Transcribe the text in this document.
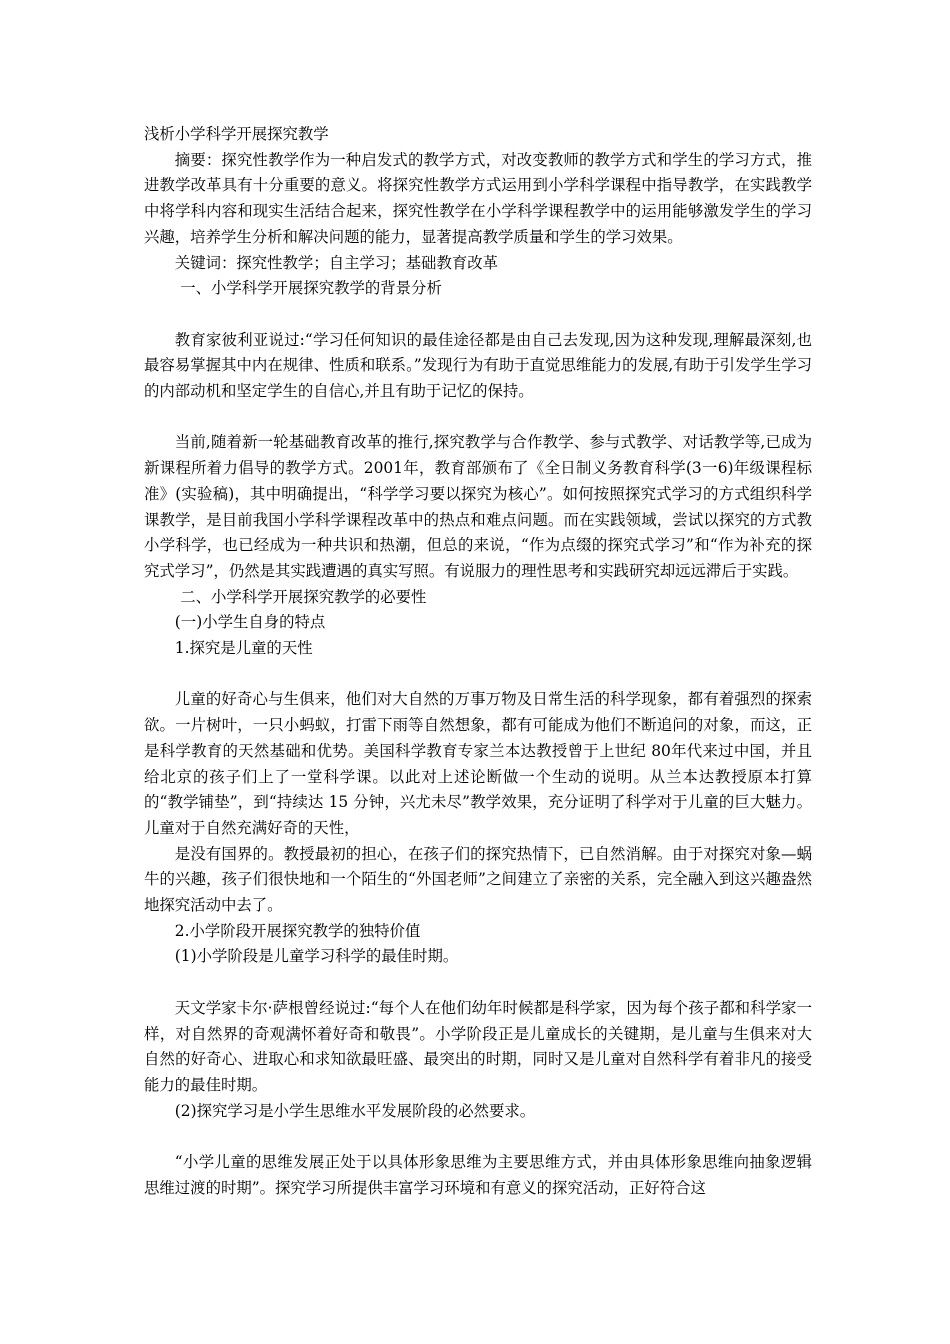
浅析小学科学开展探究教学

摘要：探究性教学作为一种启发式的教学方式，对改变教师的教学方式和学生的学习方式，推进教学改革具有十分重要的意义。将探究性教学方式运用到小学科学课程中指导教学，在实践教学中将学科内容和现实生活结合起来，探究性教学在小学科学课程教学中的运用能够激发学生的学习兴趣，培养学生分析和解决问题的能力，显著提高教学质量和学生的学习效果。

关键词：探究性教学；自主学习；基础教育改革

一、小学科学开展探究教学的背景分析

教育家彼利亚说过:“学习任何知识的最佳途径都是由自己去发现,因为这种发现,理解最深刻,也最容易掌握其中内在规律、性质和联系。”发现行为有助于直觉思维能力的发展,有助于引发学生学习的内部动机和坚定学生的自信心,并且有助于记忆的保持。

当前,随着新一轮基础教育改革的推行,探究教学与合作教学、参与式教学、对话教学等,已成为新课程所着力倡导的教学方式。2001年，教育部颁布了《全日制义务教育科学(3一6)年级课程标准》(实验稿)，其中明确提出，“科学学习要以探究为核心”。如何按照探究式学习的方式组织科学课教学，是目前我国小学科学课程改革中的热点和难点问题。而在实践领域，尝试以探究的方式教小学科学，也已经成为一种共识和热潮，但总的来说，“作为点缀的探究式学习”和“作为补充的探究式学习”，仍然是其实践遭遇的真实写照。有说服力的理性思考和实践研究却远远滞后于实践。

二、小学科学开展探究教学的必要性

(一)小学生自身的特点

1.探究是儿童的天性

儿童的好奇心与生俱来，他们对大自然的万事万物及日常生活的科学现象，都有着强烈的探索欲。一片树叶，一只小蚂蚁，打雷下雨等自然想象，都有可能成为他们不断追问的对象，而这，正是科学教育的天然基础和优势。美国科学教育专家兰本达教授曾于上世纪 80年代来过中国，并且给北京的孩子们上了一堂科学课。以此对上述论断做一个生动的说明。从兰本达教授原本打算的“教学铺垫”，到“持续达 15 分钟，兴尤未尽”教学效果，充分证明了科学对于儿童的巨大魅力。儿童对于自然充满好奇的天性，

是没有国界的。教授最初的担心，在孩子们的探究热情下，已自然消解。由于对探究对象—蜗牛的兴趣，孩子们很快地和一个陌生的“外国老师”之间建立了亲密的关系，完全融入到这兴趣盎然地探究活动中去了。

2.小学阶段开展探究教学的独特价值

(1)小学阶段是儿童学习科学的最佳时期。

天文学家卡尔·萨根曾经说过:“每个人在他们幼年时候都是科学家，因为每个孩子都和科学家一样，对自然界的奇观满怀着好奇和敬畏”。小学阶段正是儿童成长的关键期，是儿童与生俱来对大自然的好奇心、进取心和求知欲最旺盛、最突出的时期，同时又是儿童对自然科学有着非凡的接受能力的最佳时期。

(2)探究学习是小学生思维水平发展阶段的必然要求。

“小学儿童的思维发展正处于以具体形象思维为主要思维方式，并由具体形象思维向抽象逻辑思维过渡的时期”。探究学习所提供丰富学习环境和有意义的探究活动，正好符合这
